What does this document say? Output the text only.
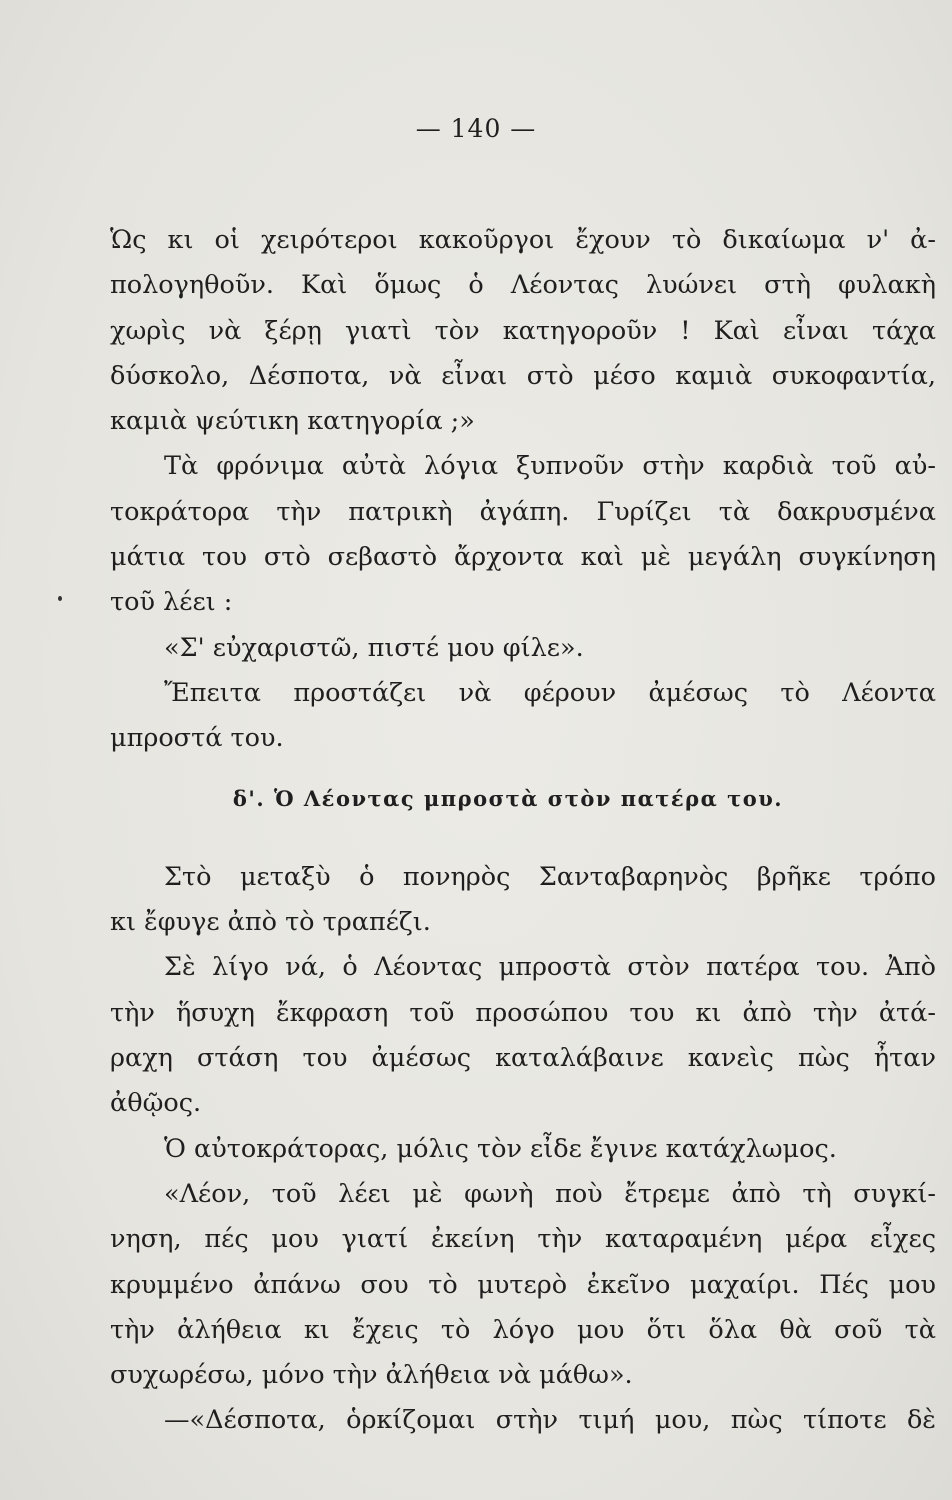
— 140 —
Ὡς κι οἱ χειρότεροι κακοῦργοι ἔχουν τὸ δικαίωμα ν' ἀ-
πολογηθοῦν. Καὶ ὅμως ὁ Λέοντας λυώνει στὴ φυλακὴ
χωρὶς νὰ ξέρῃ γιατὶ τὸν κατηγοροῦν ! Καὶ εἶναι τάχα
δύσκολο, Δέσποτα, νὰ εἶναι στὸ μέσο καμιὰ συκοφαντία,
καμιὰ ψεύτικη κατηγορία ;»
Τὰ φρόνιμα αὐτὰ λόγια ξυπνοῦν στὴν καρδιὰ τοῦ αὐ-
τοκράτορα τὴν πατρικὴ ἀγάπη. Γυρίζει τὰ δακρυσμένα
μάτια του στὸ σεβαστὸ ἄρχοντα καὶ μὲ μεγάλη συγκίνηση
τοῦ λέει :
«Σ' εὐχαριστῶ, πιστέ μου φίλε».
Ἔπειτα προστάζει νὰ φέρουν ἀμέσως τὸ Λέοντα
μπροστά του.
δ'. Ὁ Λέοντας μπροστὰ στὸν πατέρα του.
Στὸ μεταξὺ ὁ πονηρὸς Σανταβαρηνὸς βρῆκε τρόπο
κι ἔφυγε ἀπὸ τὸ τραπέζι.
Σὲ λίγο νά, ὁ Λέοντας μπροστὰ στὸν πατέρα του. Ἀπὸ
τὴν ἥσυχη ἔκφραση τοῦ προσώπου του κι ἀπὸ τὴν ἀτά-
ραχη στάση του ἀμέσως καταλάβαινε κανεὶς πὼς ἦταν
ἀθῷος.
Ὁ αὐτοκράτορας, μόλις τὸν εἶδε ἔγινε κατάχλωμος.
«Λέον, τοῦ λέει μὲ φωνὴ ποὺ ἔτρεμε ἀπὸ τὴ συγκί-
νηση, πές μου γιατί ἐκείνη τὴν καταραμένη μέρα εἶχες
κρυμμένο ἀπάνω σου τὸ μυτερὸ ἐκεῖνο μαχαίρι. Πές μου
τὴν ἀλήθεια κι ἔχεις τὸ λόγο μου ὅτι ὅλα θὰ σοῦ τὰ
συχωρέσω, μόνο τὴν ἀλήθεια νὰ μάθω».
—«Δέσποτα, ὁρκίζομαι στὴν τιμή μου, πὼς τίποτε δὲ
